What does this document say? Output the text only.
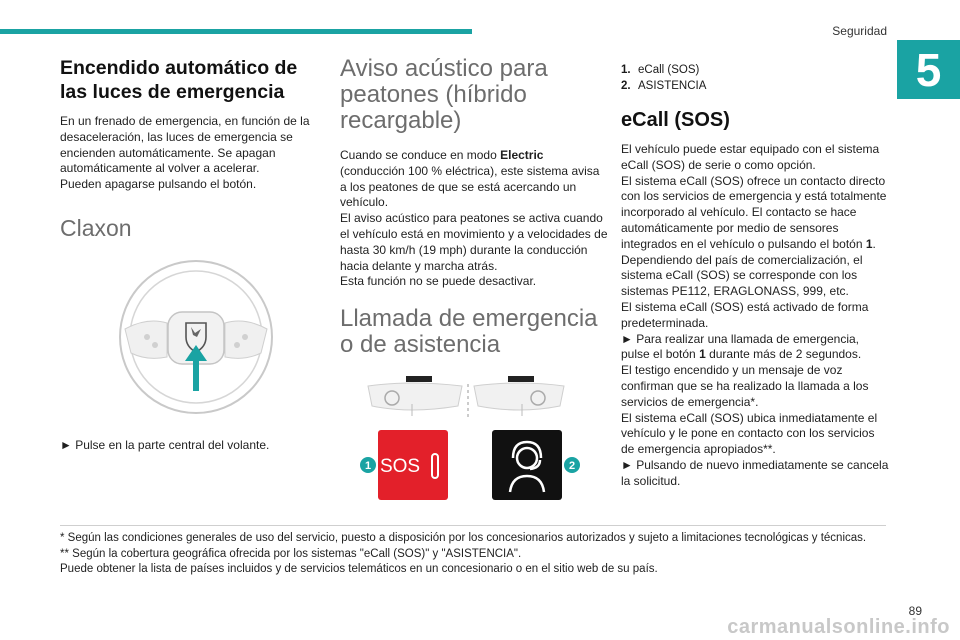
Seguridad
5
Encendido automático de las luces de emergencia

En un frenado de emergencia, en función de la desaceleración, las luces de emergencia se encienden automáticamente. Se apagan automáticamente al volver a acelerar.

Pueden apagarse pulsando el botón.

Claxon

► Pulse en la parte central del volante.

Aviso acústico para peatones (híbrido recargable)

Cuando se conduce en modo Electric (conducción 100 % eléctrica), este sistema avisa a los peatones de que se está acercando un vehículo.

El aviso acústico para peatones se activa cuando el vehículo está en movimiento y a velocidades de hasta 30 km/h (19 mph) durante la conducción hacia delante y marcha atrás.

Esta función no se puede desactivar.

Llamada de emergencia o de asistencia
SOS
1	2
1. eCall (SOS)
2. ASISTENCIA
eCall (SOS)

El vehículo puede estar equipado con el sistema eCall (SOS) de serie o como opción.

El sistema eCall (SOS) ofrece un contacto directo con los servicios de emergencia y está totalmente incorporado al vehículo. El contacto se hace automáticamente por medio de sensores integrados en el vehículo o pulsando el botón 1.

Dependiendo del país de comercialización, el sistema eCall (SOS) se corresponde con los sistemas PE112, ERAGLONASS, 999, etc.

El sistema eCall (SOS) está activado de forma predeterminada.

► Para realizar una llamada de emergencia, pulse el botón 1 durante más de 2 segundos.

El testigo encendido y un mensaje de voz confirman que se ha realizado la llamada a los servicios de emergencia*.

El sistema eCall (SOS) ubica inmediatamente el vehículo y le pone en contacto con los servicios de emergencia apropiados**.

► Pulsando de nuevo inmediatamente se cancela la solicitud.

* Según las condiciones generales de uso del servicio, puesto a disposición por los concesionarios autorizados y sujeto a limitaciones tecnológicas y técnicas.

** Según la cobertura geográfica ofrecida por los sistemas "eCall (SOS)" y "ASISTENCIA".

Puede obtener la lista de países incluidos y de servicios telemáticos en un concesionario o en el sitio web de su país.

89
carmanualsonline.info
